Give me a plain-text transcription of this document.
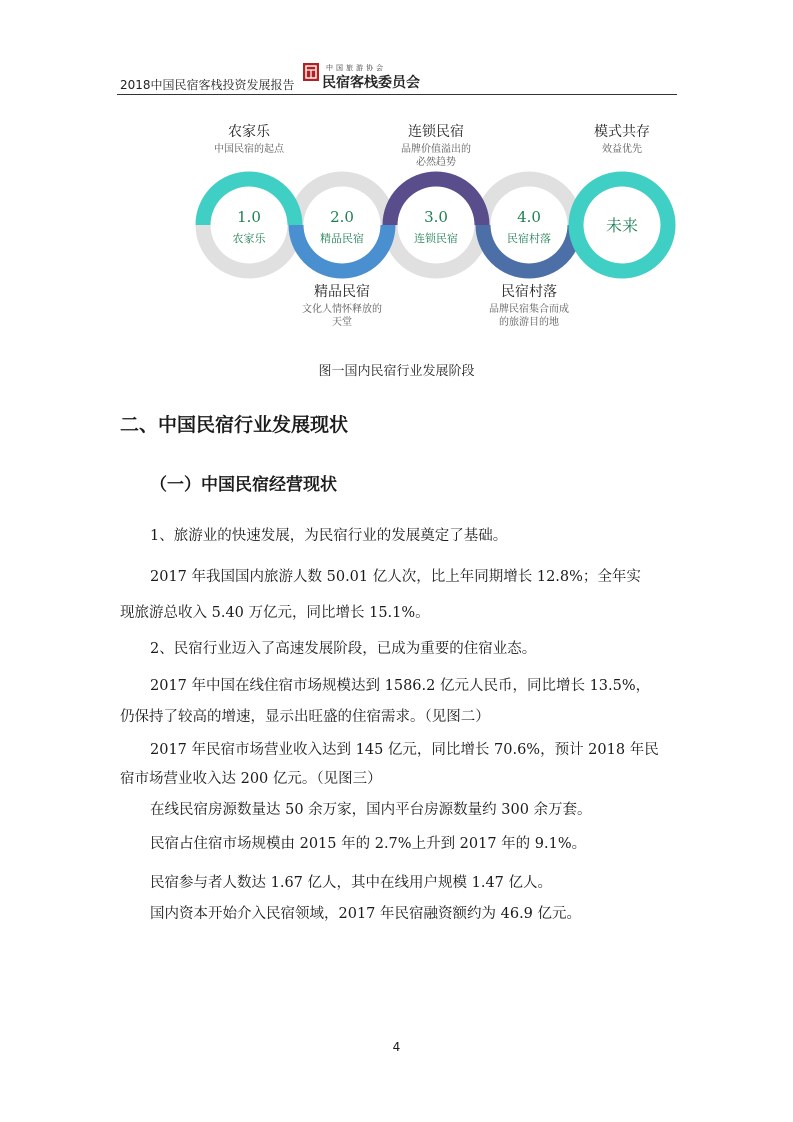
2018中国民宿客栈投资发展报告
中国旅游协会
民宿客栈委员会
1.0
农家乐
2.0
精品民宿
3.0
连锁民宿
4.0
民宿村落
未来
农家乐
中国民宿的起点
连锁民宿
品牌价值溢出的
必然趋势
模式共存
效益优先
精品民宿
文化人情怀释放的
天堂
民宿村落
品牌民宿集合而成
的旅游目的地
图一国内民宿行业发展阶段
二、中国民宿行业发展现状
（一）中国民宿经营现状
1、旅游业的快速发展，为民宿行业的发展奠定了基础。
2017 年我国国内旅游人数 50.01 亿人次，比上年同期增长 12.8%；全年实
现旅游总收入 5.40 万亿元，同比增长 15.1%。
2、民宿行业迈入了高速发展阶段，已成为重要的住宿业态。
2017 年中国在线住宿市场规模达到 1586.2 亿元人民币，同比增长 13.5%，
仍保持了较高的增速，显示出旺盛的住宿需求。（见图二）
2017 年民宿市场营业收入达到 145 亿元，同比增长 70.6%，预计 2018 年民
宿市场营业收入达 200 亿元。（见图三）
在线民宿房源数量达 50 余万家，国内平台房源数量约 300 余万套。
民宿占住宿市场规模由 2015 年的 2.7%上升到 2017 年的 9.1%。
民宿参与者人数达 1.67 亿人，其中在线用户规模 1.47 亿人。
国内资本开始介入民宿领域，2017 年民宿融资额约为 46.9 亿元。
4
